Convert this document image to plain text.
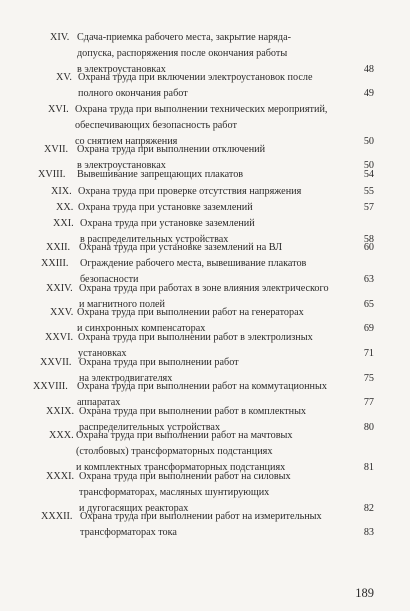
XIV. Сдача-приемка рабочего места, закрытие наряда-
допуска, распоряжения после окончания работы
в электроустановках	48
XV. Охрана труда при включении электроустановок после
полного окончания работ	49
XVI. Охрана труда при выполнении технических мероприятий,
обеспечивающих безопасность работ
со снятием напряжения	50
XVII. Охрана труда при выполнении отключений
в электроустановках	50
XVIII. Вывешивание запрещающих плакатов	54
XIX. Охрана труда при проверке отсутствия напряжения	55
XX. Охрана труда при установке заземлений	57
XXI. Охрана труда при установке заземлений
в распределительных устройствах	58
XXII. Охрана труда при установке заземлений на ВЛ	60
XXIII. Ограждение рабочего места, вывешивание плакатов
безопасности	63
XXIV. Охрана труда при работах в зоне влияния электрического
и магнитного полей	65
XXV. Охрана труда при выполнении работ на генераторах
и синхронных компенсаторах	69
XXVI. Охрана труда при выполнении работ в электролизных
установках	71
XXVII. Охрана труда при выполнении работ
на электродвигателях	75
XXVIII. Охрана труда при выполнении работ на коммутационных
аппаратах	77
XXIX. Охрана труда при выполнении работ в комплектных
распределительных устройствах	80
XXX. Охрана труда при выполнении работ на мачтовых
(столбовых) трансформаторных подстанциях
и комплектных трансформаторных подстанциях	81
XXXI. Охрана труда при выполнении работ на силовых
трансформаторах, масляных шунтирующих
и дугогасящих реакторах	82
XXXII. Охрана труда при выполнении работ на измерительных
трансформаторах тока	83
189
